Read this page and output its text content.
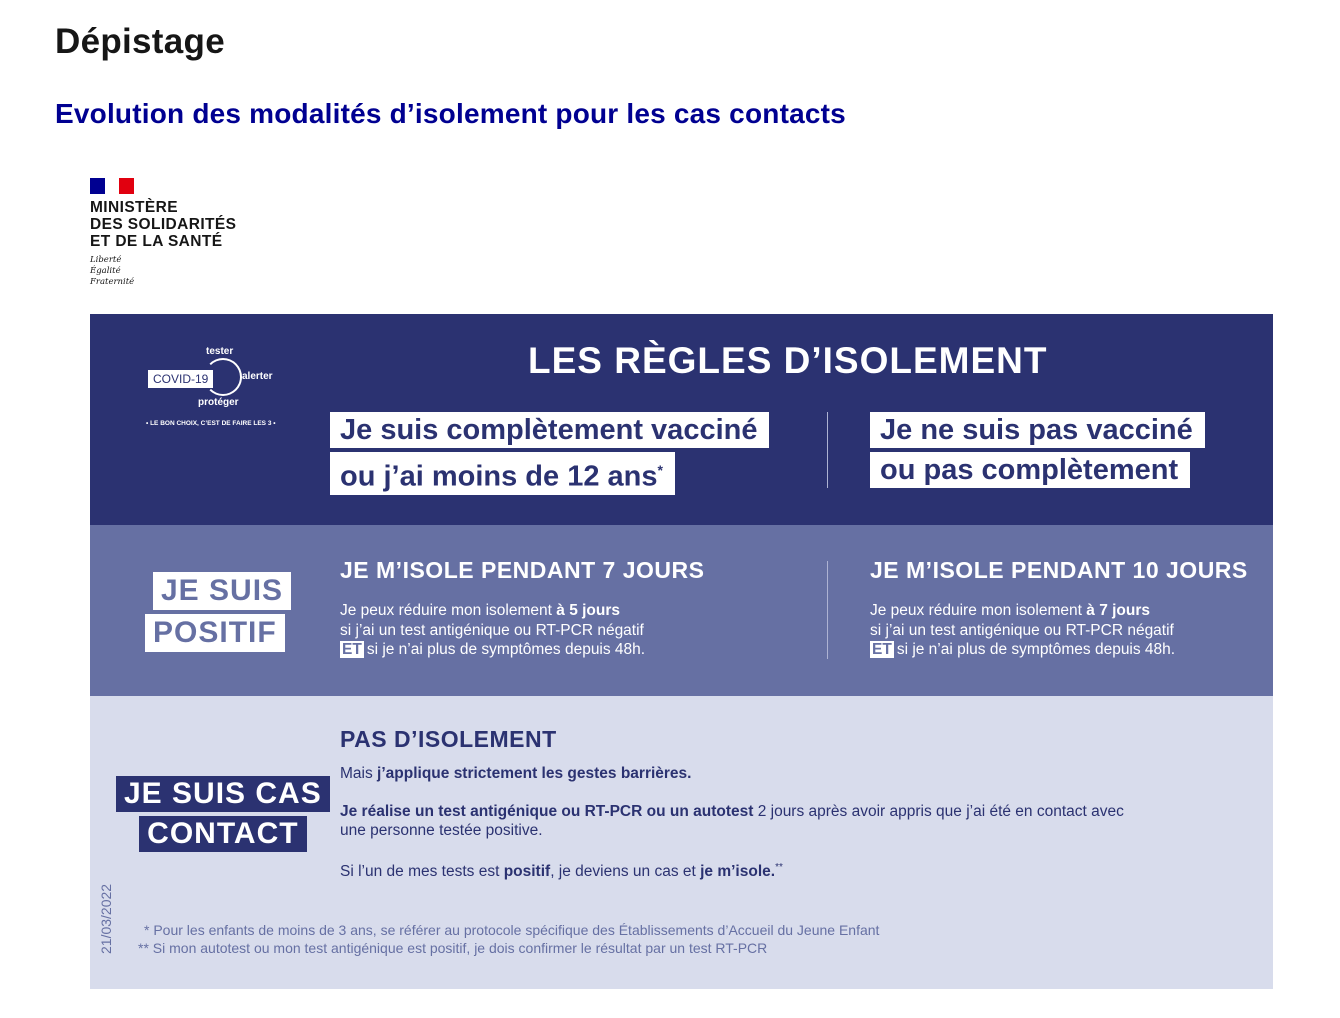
Dépistage
Evolution des modalités d’isolement pour les cas contacts
MINISTÈRE
DES SOLIDARITÉS
ET DE LA SANTÉ
Liberté
Égalité
Fraternité
tester
COVID-19	alerter
protéger
• LE BON CHOIX, C’EST DE FAIRE LES 3 •
LES RÈGLES D’ISOLEMENT
Je suis complètement vacciné
ou j’ai moins de 12 ans*
Je ne suis pas vacciné
ou pas complètement
JE SUIS
POSITIF
JE M’ISOLE PENDANT 7 JOURS
Je peux réduire mon isolement à 5 jours
si j’ai un test antigénique ou RT-PCR négatif
ET si je n’ai plus de symptômes depuis 48h.
JE M’ISOLE PENDANT 10 JOURS
Je peux réduire mon isolement à 7 jours
si j’ai un test antigénique ou RT-PCR négatif
ET si je n’ai plus de symptômes depuis 48h.
JE SUIS CAS
CONTACT
PAS D’ISOLEMENT
Mais j’applique strictement les gestes barrières.
Je réalise un test antigénique ou RT-PCR ou un autotest 2 jours après avoir appris que j’ai été en contact avec
une personne testée positive.
Si l’un de mes tests est positif, je deviens un cas et je m’isole.**
21/03/2022 * Pour les enfants de moins de 3 ans, se référer au protocole spécifique des Établissements d’Accueil du Jeune Enfant
** Si mon autotest ou mon test antigénique est positif, je dois confirmer le résultat par un test RT-PCR
